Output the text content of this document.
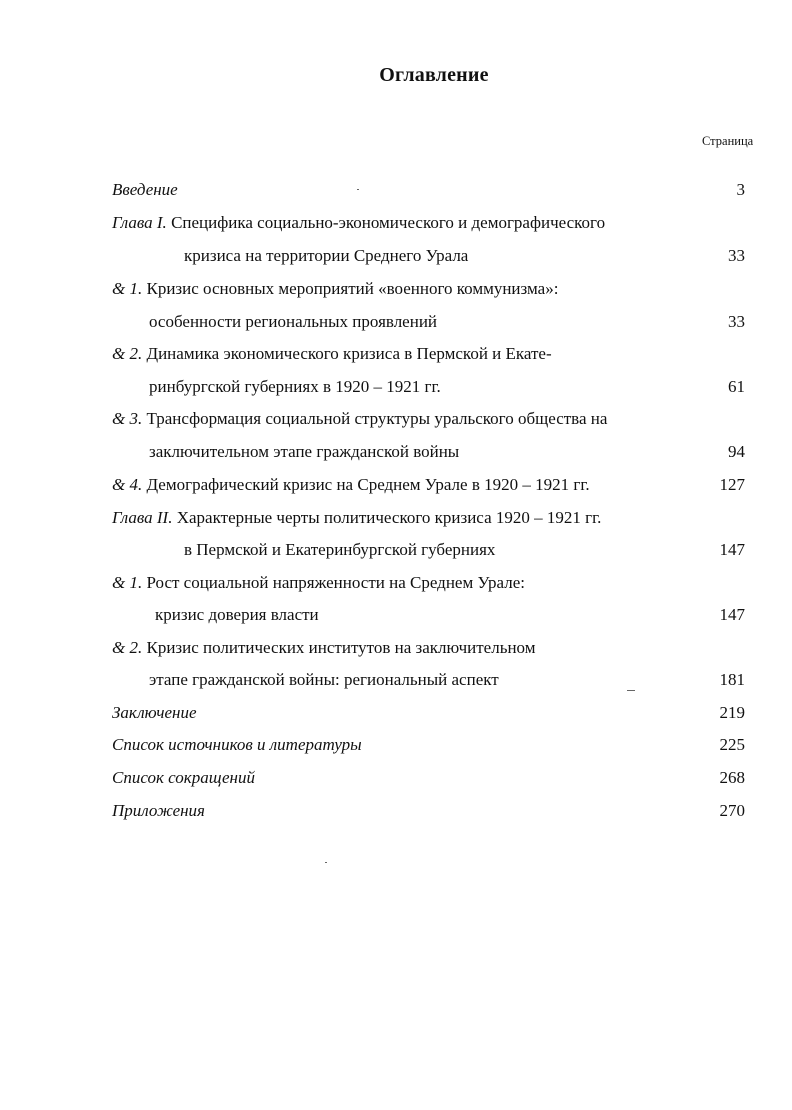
Оглавление
Страница
Введение	3
Глава I. Специфика социально-экономического и демографического
кризиса на территории Среднего Урала	33
& 1. Кризис основных мероприятий «военного коммунизма»:
особенности региональных проявлений	33
& 2. Динамика экономического кризиса в Пермской и Екате-
ринбургской губерниях в 1920 – 1921 гг.	61
& 3. Трансформация социальной структуры уральского общества на
заключительном этапе гражданской войны	94
& 4. Демографический кризис на Среднем Урале в 1920 – 1921 гг.	127
Глава II. Характерные черты политического кризиса 1920 – 1921 гг.
в Пермской и Екатеринбургской губерниях	147
& 1. Рост социальной напряженности на Среднем Урале:
кризис доверия власти	147
& 2. Кризис политических институтов на заключительном
этапе гражданской войны: региональный аспект	181
Заключение	219
Список источников и литературы	225
Список сокращений	268
Приложения	270
